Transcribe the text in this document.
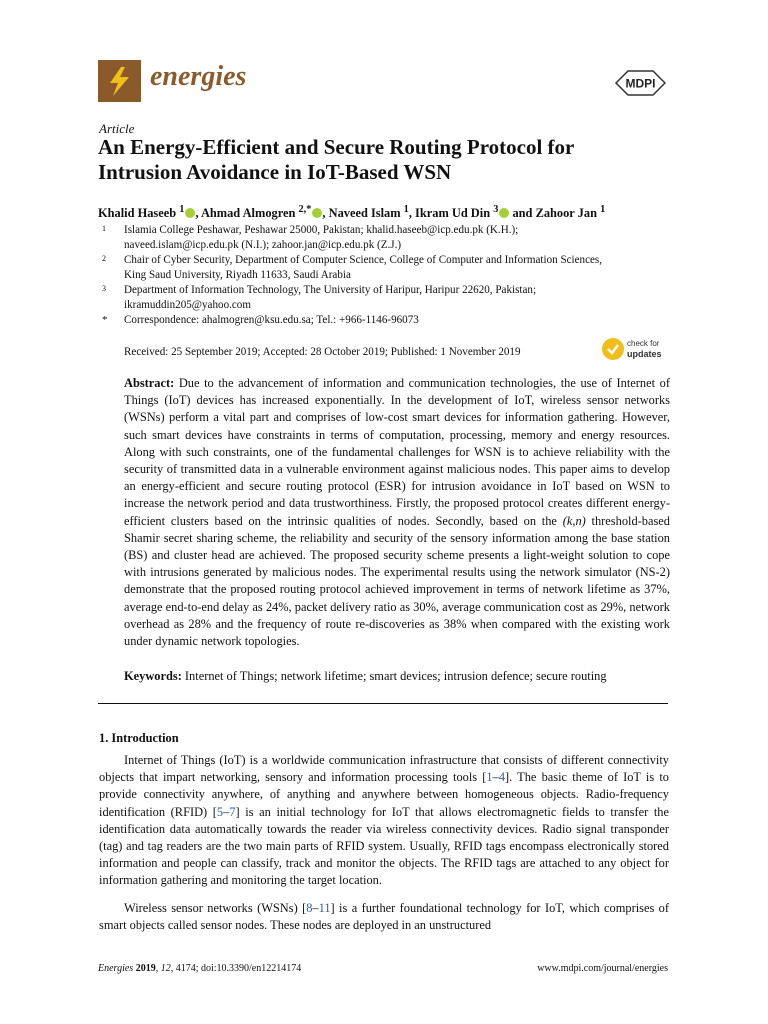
energies	MDPI
Article
An Energy-Efficient and Secure Routing Protocol for
Intrusion Avoidance in IoT-Based WSN
Khalid Haseeb $^1$ , Ahmad Almogren $^{2,*}$ , Naveed Islam $^1$, Ikram Ud Din $^3$ and Zahoor Jan $^1$
1 Islamia College Peshawar, Peshawar 25000, Pakistan; khalid.haseeb@icp.edu.pk (K.H.);
naveed.islam@icp.edu.pk (N.I.); zahoor.jan@icp.edu.pk (Z.J.)
2 Chair of Cyber Security, Department of Computer Science, College of Computer and Information Sciences,
King Saud University, Riyadh 11633, Saudi Arabia
3 Department of Information Technology, The University of Haripur, Haripur 22620, Pakistan;
ikramuddin205@yahoo.com
* Correspondence: ahalmogren@ksu.edu.sa; Tel.: +966-1146-96073
Received: 25 September 2019; Accepted: 28 October 2019; Published: 1 November 2019
check for
updates
Abstract: Due to the advancement of information and communication technologies, the use of Internet of Things (IoT) devices has increased exponentially. In the development of IoT, wireless sensor networks (WSNs) perform a vital part and comprises of low-cost smart devices for information gathering. However, such smart devices have constraints in terms of computation, processing, memory and energy resources. Along with such constraints, one of the fundamental challenges for WSN is to achieve reliability with the security of transmitted data in a vulnerable environment against malicious nodes. This paper aims to develop an energy-efficient and secure routing protocol (ESR) for intrusion avoidance in IoT based on WSN to increase the network period and data trustworthiness. Firstly, the proposed protocol creates different energy-efficient clusters based on the intrinsic qualities of nodes. Secondly, based on the (k,n) threshold-based Shamir secret sharing scheme, the reliability and security of the sensory information among the base station (BS) and cluster head are achieved. The proposed security scheme presents a light-weight solution to cope with intrusions generated by malicious nodes. The experimental results using the network simulator (NS-2) demonstrate that the proposed routing protocol achieved improvement in terms of network lifetime as 37%, average end-to-end delay as 24%, packet delivery ratio as 30%, average communication cost as 29%, network overhead as 28% and the frequency of route re-discoveries as 38% when compared with the existing work under dynamic network topologies.
Keywords: Internet of Things; network lifetime; smart devices; intrusion defence; secure routing
1. Introduction
Internet of Things (IoT) is a worldwide communication infrastructure that consists of different connectivity objects that impart networking, sensory and information processing tools [1–4]. The basic theme of IoT is to provide connectivity anywhere, of anything and anywhere between homogeneous objects. Radio-frequency identification (RFID) [5–7] is an initial technology for IoT that allows electromagnetic fields to transfer the identification data automatically towards the reader via wireless connectivity devices. Radio signal transponder (tag) and tag readers are the two main parts of RFID system. Usually, RFID tags encompass electronically stored information and people can classify, track and monitor the objects. The RFID tags are attached to any object for information gathering and monitoring the target location.
Wireless sensor networks (WSNs) [8–11] is a further foundational technology for IoT, which comprises of smart objects called sensor nodes. These nodes are deployed in an unstructured
Energies 2019, 12, 4174; doi:10.3390/en12214174	www.mdpi.com/journal/energies
